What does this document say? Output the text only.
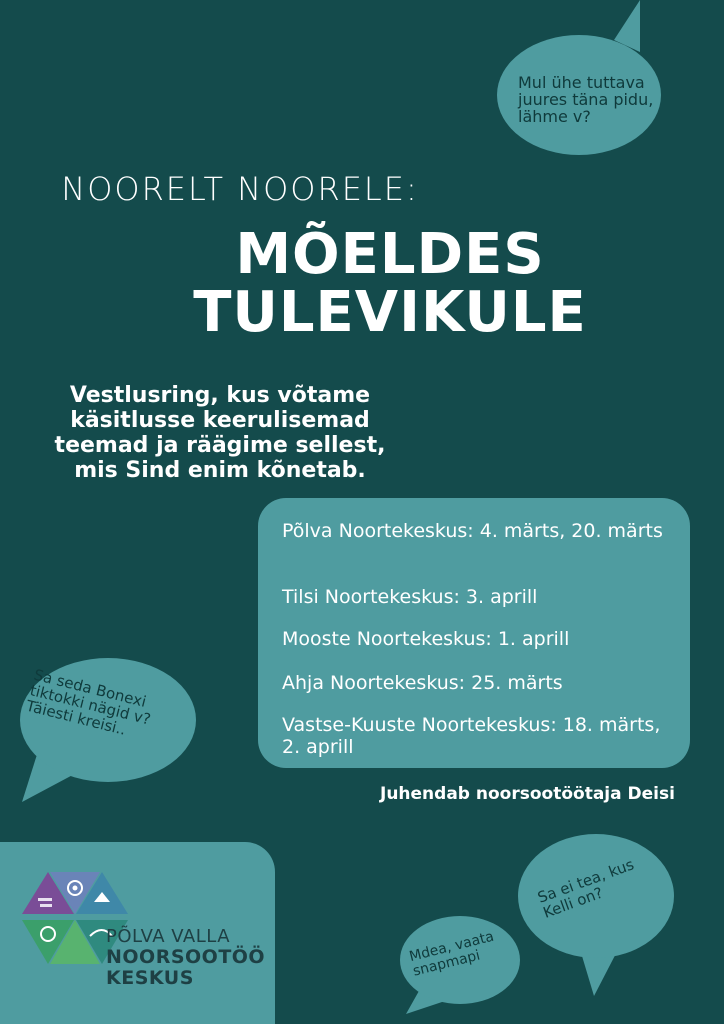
Mul ühe tuttava juures täna pidu, lähme v?
NOORELT NOORELE:
MÕELDES
TULEVIKULE
Vestlusring, kus võtame käsitlusse keerulisemad teemad ja räägime sellest, mis Sind enim kõnetab.
Sa seda Bonexi tiktokki nägid v? Täiesti kreisi..
Põlva Noortekeskus: 4. märts, 20. märts
Tilsi Noortekeskus: 3. aprill
Mooste Noortekeskus: 1. aprill
Ahja Noortekeskus: 25. märts
Vastse-Kuuste Noortekeskus: 18. märts, 2. aprill
Juhendab noorsootöötaja Deisi
PÕLVA VALLA
NOORSOOTÖÖ
KESKUS
Mdea, vaata snapmapi
Sa ei tea, kus Kelli on?
